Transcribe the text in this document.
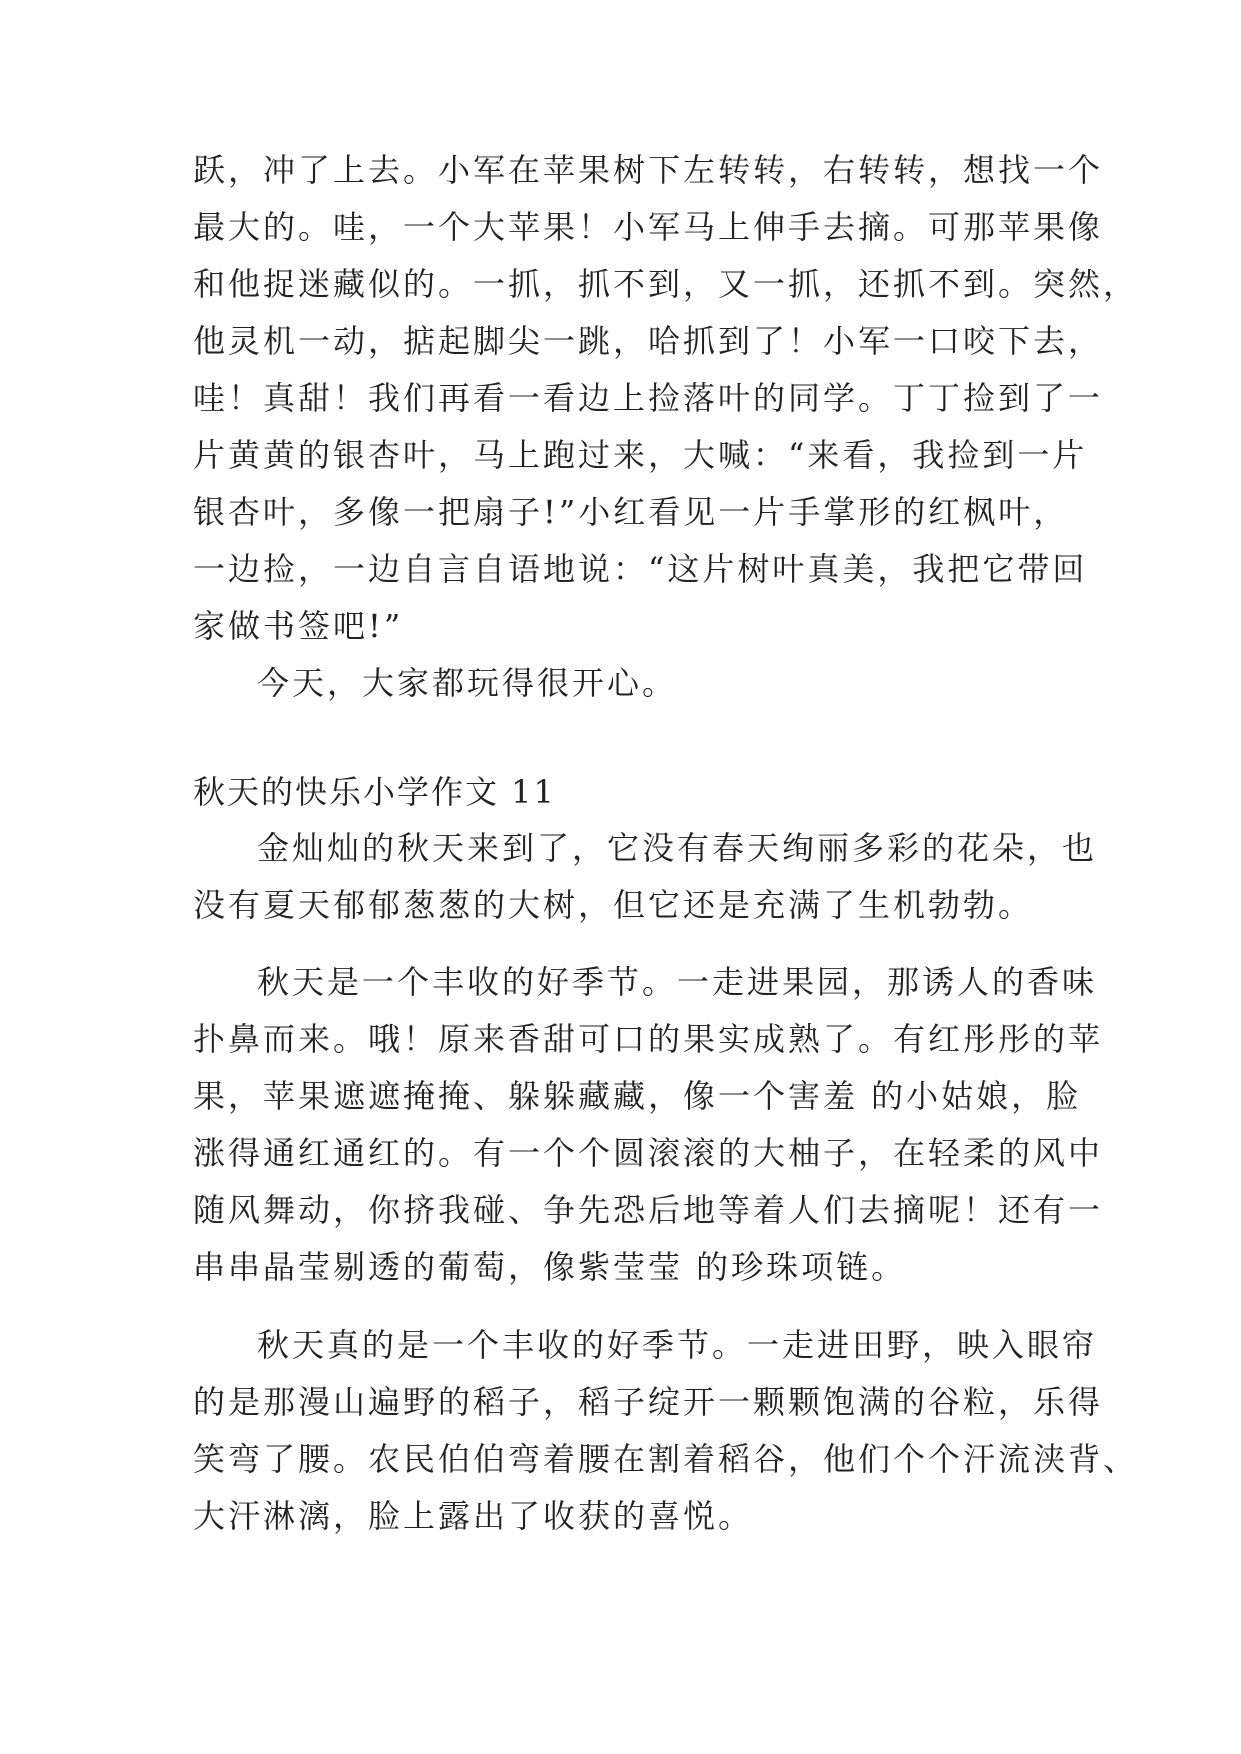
跃，冲了上去。小军在苹果树下左转转，右转转，想找一个

最大的。哇，一个大苹果！小军马上伸手去摘。可那苹果像

和他捉迷藏似的。一抓，抓不到，又一抓，还抓不到。突然，

他灵机一动，掂起脚尖一跳，哈抓到了！小军一口咬下去，

哇！真甜！我们再看一看边上捡落叶的同学。丁丁捡到了一

片黄黄的银杏叶，马上跑过来，大喊：“来看，我捡到一片

银杏叶，多像一把扇子!”小红看见一片手掌形的红枫叶，

一边捡，一边自言自语地说：“这片树叶真美，我把它带回

家做书签吧!”

今天，大家都玩得很开心。

秋天的快乐小学作文 11

金灿灿的秋天来到了，它没有春天绚丽多彩的花朵，也

没有夏天郁郁葱葱的大树，但它还是充满了生机勃勃。

秋天是一个丰收的好季节。一走进果园，那诱人的香味

扑鼻而来。哦！原来香甜可口的果实成熟了。有红彤彤的苹

果，苹果遮遮掩掩、躲躲藏藏，像一个害羞 的小姑娘，脸

涨得通红通红的。有一个个圆滚滚的大柚子，在轻柔的风中

随风舞动，你挤我碰、争先恐后地等着人们去摘呢！还有一

串串晶莹剔透的葡萄，像紫莹莹 的珍珠项链。

秋天真的是一个丰收的好季节。一走进田野，映入眼帘

的是那漫山遍野的稻子，稻子绽开一颗颗饱满的谷粒，乐得

笑弯了腰。农民伯伯弯着腰在割着稻谷，他们个个汗流浃背、

大汗淋漓，脸上露出了收获的喜悦。
